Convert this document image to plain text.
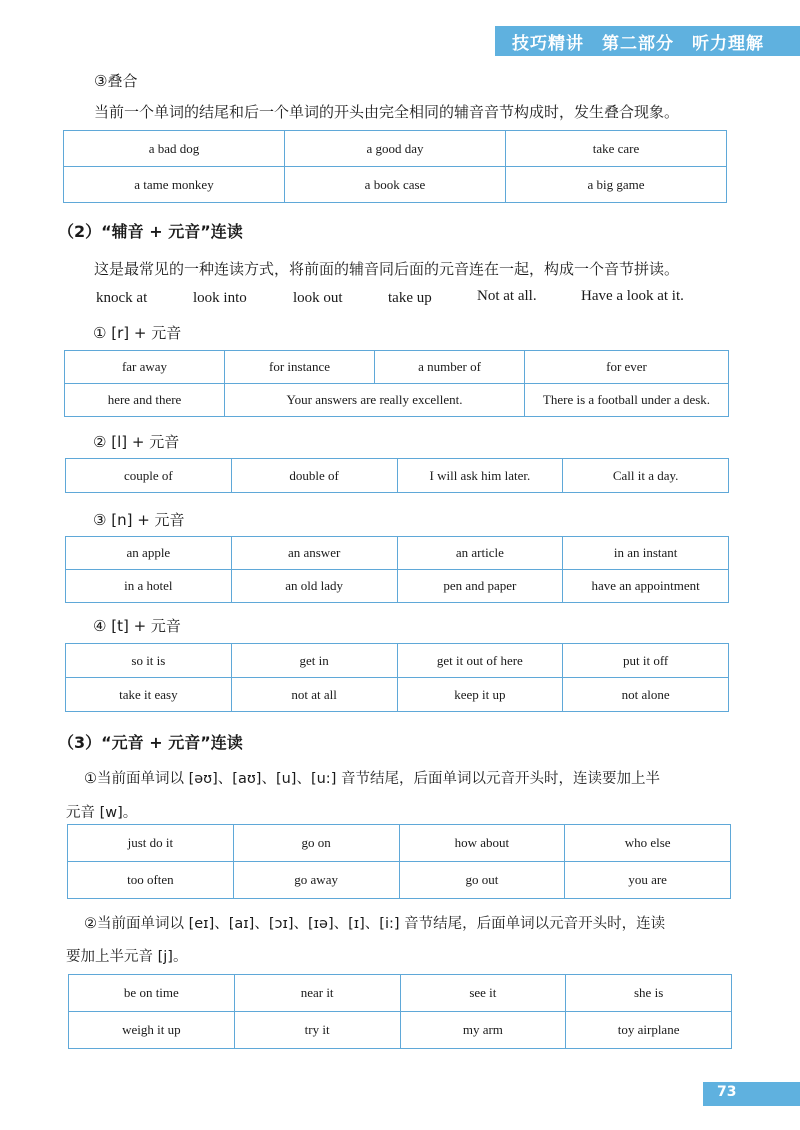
技巧精讲　第二部分　听力理解
③叠合
当前一个单词的结尾和后一个单词的开头由完全相同的辅音音节构成时，发生叠合现象。
a bad dog	a good day	take care
a tame monkey	a book case	a big game
（2）“辅音 + 元音”连读
这是最常见的一种连读方式，将前面的辅音同后面的元音连在一起，构成一个音节拼读。
knock at	look into	look out	take up	Not at all.	Have a look at it.
① [r] + 元音
far away	for instance	a number of	for ever
here and there	Your answers are really excellent.		There is a football under a desk.
② [l] + 元音
couple of	double of	I will ask him later.	Call it a day.
③ [n] + 元音
an apple	an answer	an article	in an instant
in a hotel	an old lady	pen and paper	have an appointment
④ [t] + 元音
so it is	get in	get it out of here	put it off
take it easy	not at all	keep it up	not alone
（3）“元音 + 元音”连读
①当前面单词以 [əʊ]、[aʊ]、[u]、[u:] 音节结尾，后面单词以元音开头时，连读要加上半
元音 [w]。
just do it	go on	how about	who else
too often	go away	go out	you are
②当前面单词以 [eɪ]、[aɪ]、[ɔɪ]、[ɪə]、[ɪ]、[i:] 音节结尾，后面单词以元音开头时，连读
要加上半元音 [j]。
be on time	near it	see it	she is
weigh it up	try it	my arm	toy airplane
73
